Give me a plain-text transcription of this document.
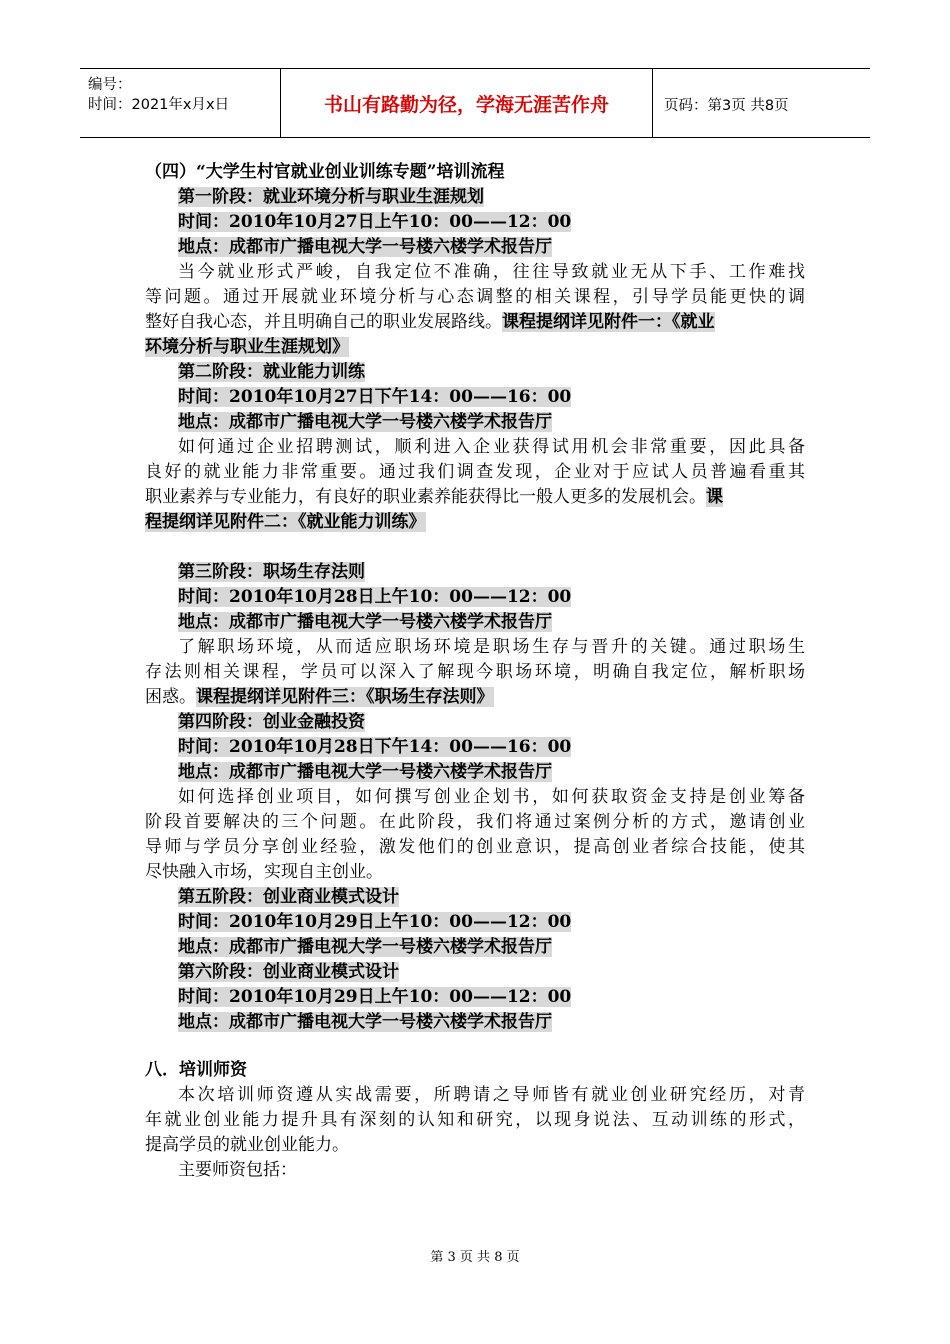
编号：
时间：2021年x月x日	书山有路勤为径，学海无涯苦作舟	页码：第3页 共8页
（四）“大学生村官就业创业训练专题”培训流程
第一阶段：就业环境分析与职业生涯规划
时间：2010年10月27日上午10：00——12：00
地点：成都市广播电视大学一号楼六楼学术报告厅
当今就业形式严峻，自我定位不准确，往往导致就业无从下手、工作难找
等问题。通过开展就业环境分析与心态调整的相关课程，引导学员能更快的调
整好自我心态，并且明确自己的职业发展路线。课程提纲详见附件一：《就业
环境分析与职业生涯规划》
第二阶段：就业能力训练
时间：2010年10月27日下午14：00——16：00
地点：成都市广播电视大学一号楼六楼学术报告厅
如何通过企业招聘测试，顺利进入企业获得试用机会非常重要，因此具备
良好的就业能力非常重要。通过我们调查发现，企业对于应试人员普遍看重其
职业素养与专业能力，有良好的职业素养能获得比一般人更多的发展机会。课
程提纲详见附件二：《就业能力训练》
第三阶段：职场生存法则
时间：2010年10月28日上午10：00——12：00
地点：成都市广播电视大学一号楼六楼学术报告厅
了解职场环境，从而适应职场环境是职场生存与晋升的关键。通过职场生
存法则相关课程，学员可以深入了解现今职场环境，明确自我定位，解析职场
困惑。课程提纲详见附件三：《职场生存法则》
第四阶段：创业金融投资
时间：2010年10月28日下午14：00——16：00
地点：成都市广播电视大学一号楼六楼学术报告厅
如何选择创业项目，如何撰写创业企划书，如何获取资金支持是创业筹备
阶段首要解决的三个问题。在此阶段，我们将通过案例分析的方式，邀请创业
导师与学员分享创业经验，激发他们的创业意识，提高创业者综合技能，使其
尽快融入市场，实现自主创业。
第五阶段：创业商业模式设计
时间：2010年10月29日上午10：00——12：00
地点：成都市广播电视大学一号楼六楼学术报告厅
第六阶段：创业商业模式设计
时间：2010年10月29日上午10：00——12：00
地点：成都市广播电视大学一号楼六楼学术报告厅
八．培训师资
本次培训师资遵从实战需要，所聘请之导师皆有就业创业研究经历，对青
年就业创业能力提升具有深刻的认知和研究，以现身说法、互动训练的形式，
提高学员的就业创业能力。
主要师资包括：
第 3 页 共 8 页
